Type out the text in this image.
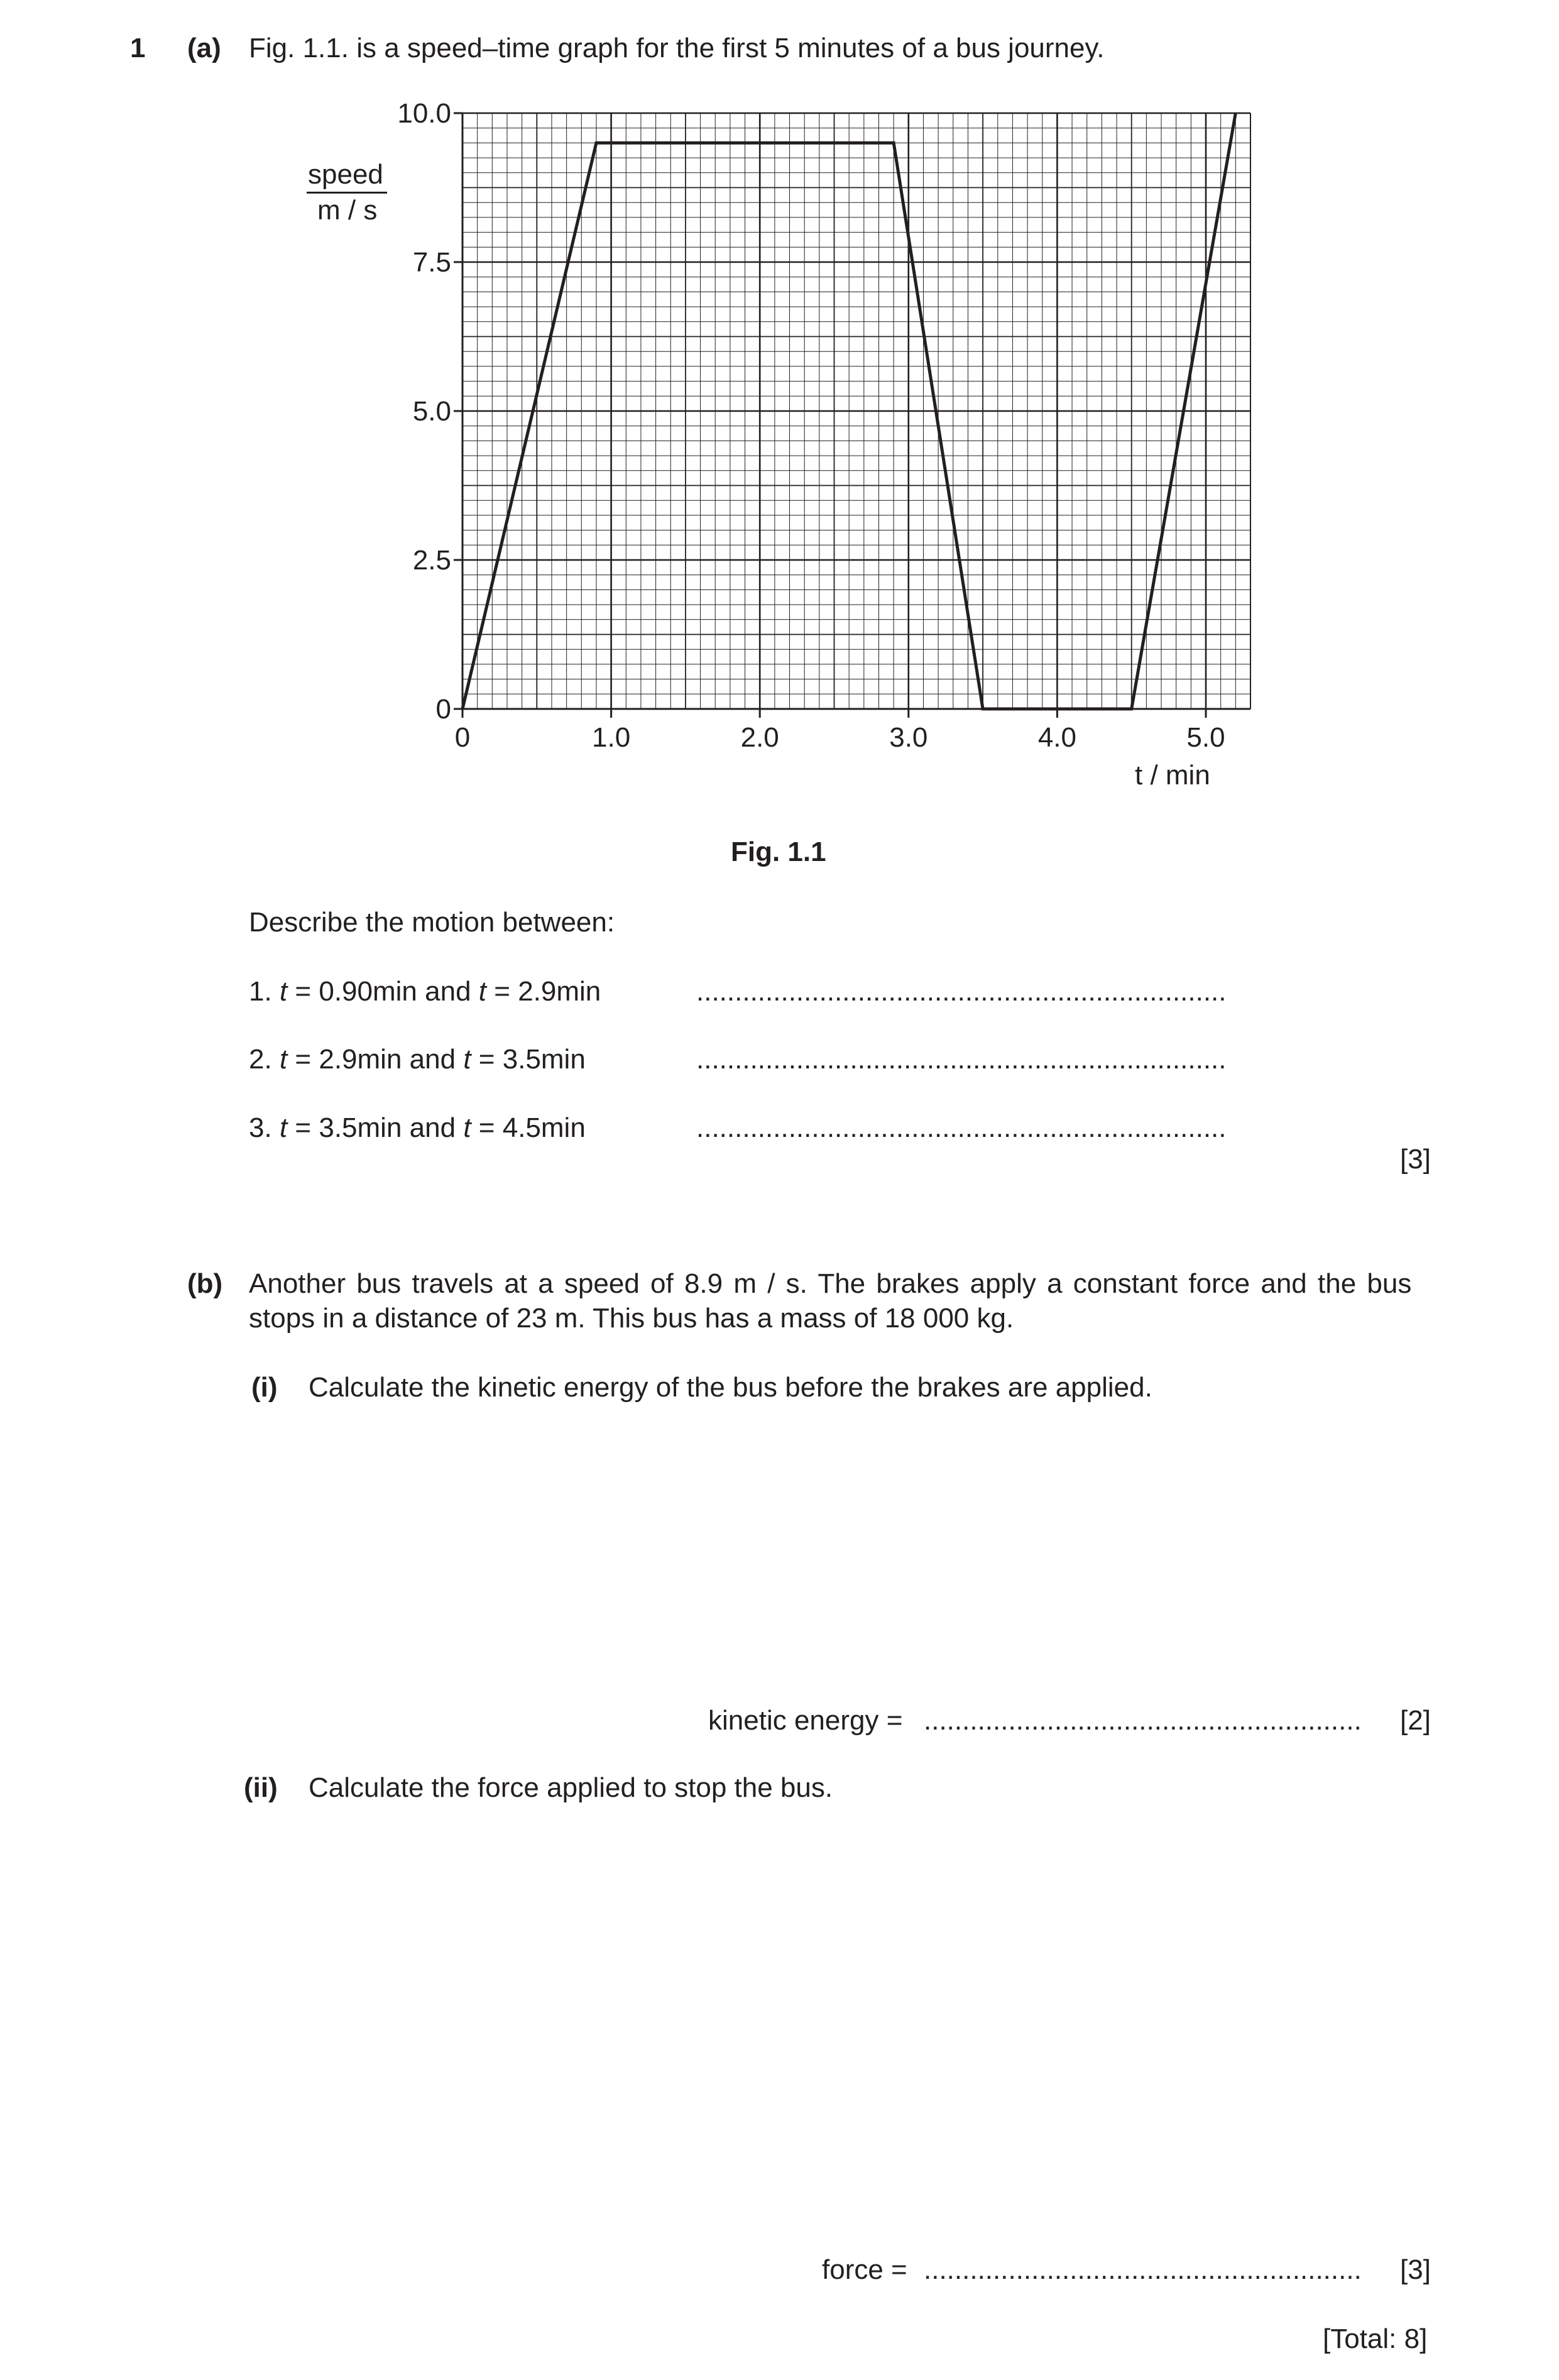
1 (a) Fig. 1.1. is a speed–time graph for the first 5 minutes of a bus journey.
0	1.0	2.0	3.0	4.0	5.0
0
2.5
5.0
7.5
10.0
speed
m / s
t / min
Fig. 1.1
Describe the motion between:
1. t = 0.90min and t = 2.9min	.....................................................................
2. t = 2.9min and t = 3.5min	.....................................................................
3. t = 3.5min and t = 4.5min	.....................................................................
[3]
(b) Another bus travels at a speed of 8.9 m / s. The brakes apply a constant force and the bus
stops in a distance of 23 m. This bus has a mass of 18 000 kg.
(i) Calculate the kinetic energy of the bus before the brakes are applied.
kinetic energy = ......................................................... [2]
(ii) Calculate the force applied to stop the bus.
force = ......................................................... [3]
[Total: 8]
